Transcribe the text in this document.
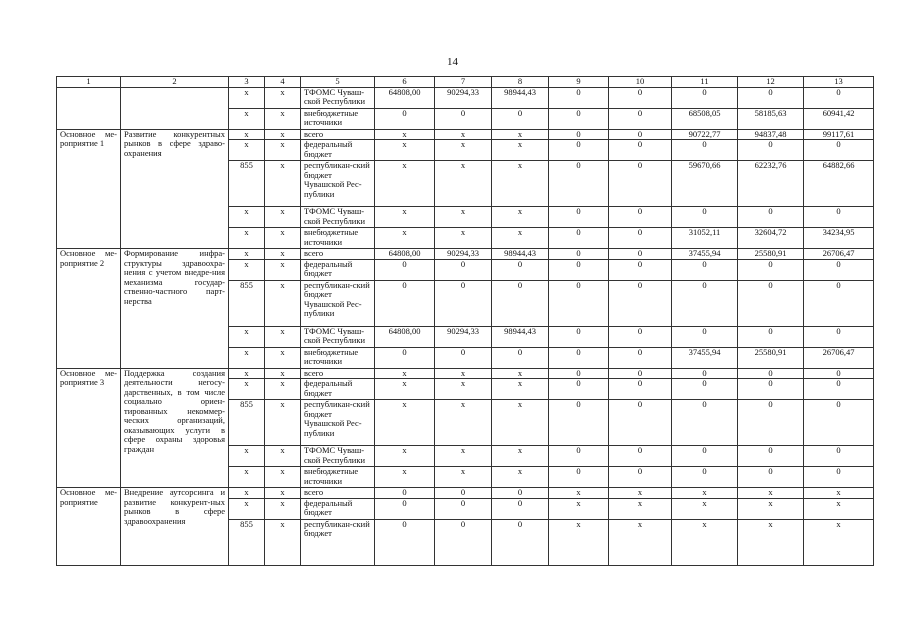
14
1	2	3	4	5	6	7	8	9	10	11	12	13
		x	x	ТФОМС Чуваш-ской Республики	64808,00	90294,33	98944,43	0	0	0	0	0
		x	x	внебюджетные источники	0	0	0	0	0	68508,05	58185,63	60941,42
Основное ме-роприятие 1	Развитие конкурентных рынков в сфере здраво-охранения	x	x	всего	x	x	x	0	0	90722,77	94837,48	99117,61
		x	x	федеральный бюджет	x	x	x	0	0	0	0	0
		855	x	республикан-ский бюджет Чувашской Рес-публики	x	x	x	0	0	59670,66	62232,76	64882,66
		x	x	ТФОМС Чуваш-ской Республики	x	x	x	0	0	0	0	0
		x	x	внебюджетные источники	x	x	x	0	0	31052,11	32604,72	34234,95
Основное ме-роприятие 2	Формирование инфра-структуры здравоохра-нения с учетом внедре-ния механизма государ-ственно-частного парт-нерства	x	x	всего	64808,00	90294,33	98944,43	0	0	37455,94	25580,91	26706,47
		x	x	федеральный бюджет	0	0	0	0	0	0	0	0
		855	x	республикан-ский бюджет Чувашской Рес-публики	0	0	0	0	0	0	0	0
		x	x	ТФОМС Чуваш-ской Республики	64808,00	90294,33	98944,43	0	0	0	0	0
		x	x	внебюджетные источники	0	0	0	0	0	37455,94	25580,91	26706,47
Основное ме-роприятие 3	Поддержка создания деятельности негосу-дарственных, в том числе социально ориен-тированных некоммер-ческих организаций, оказывающих услуги в сфере охраны здоровья граждан	x	x	всего	x	x	x	0	0	0	0	0
		x	x	федеральный бюджет	x	x	x	0	0	0	0	0
		855	x	республикан-ский бюджет Чувашской Рес-публики	x	x	x	0	0	0	0	0
		x	x	ТФОМС Чуваш-ской Республики	x	x	x	0	0	0	0	0
		x	x	внебюджетные источники	x	x	x	0	0	0	0	0
Основное ме-роприятие	Внедрение аутсорсинга и развитие конкурент-ных рынков в сфере здравоохранения	x	x	всего	0	0	0	x	x	x	x	x
		x	x	федеральный бюджет	0	0	0	x	x	x	x	x
		855	x	республикан-ский бюджет	0	0	0	x	x	x	x	x
